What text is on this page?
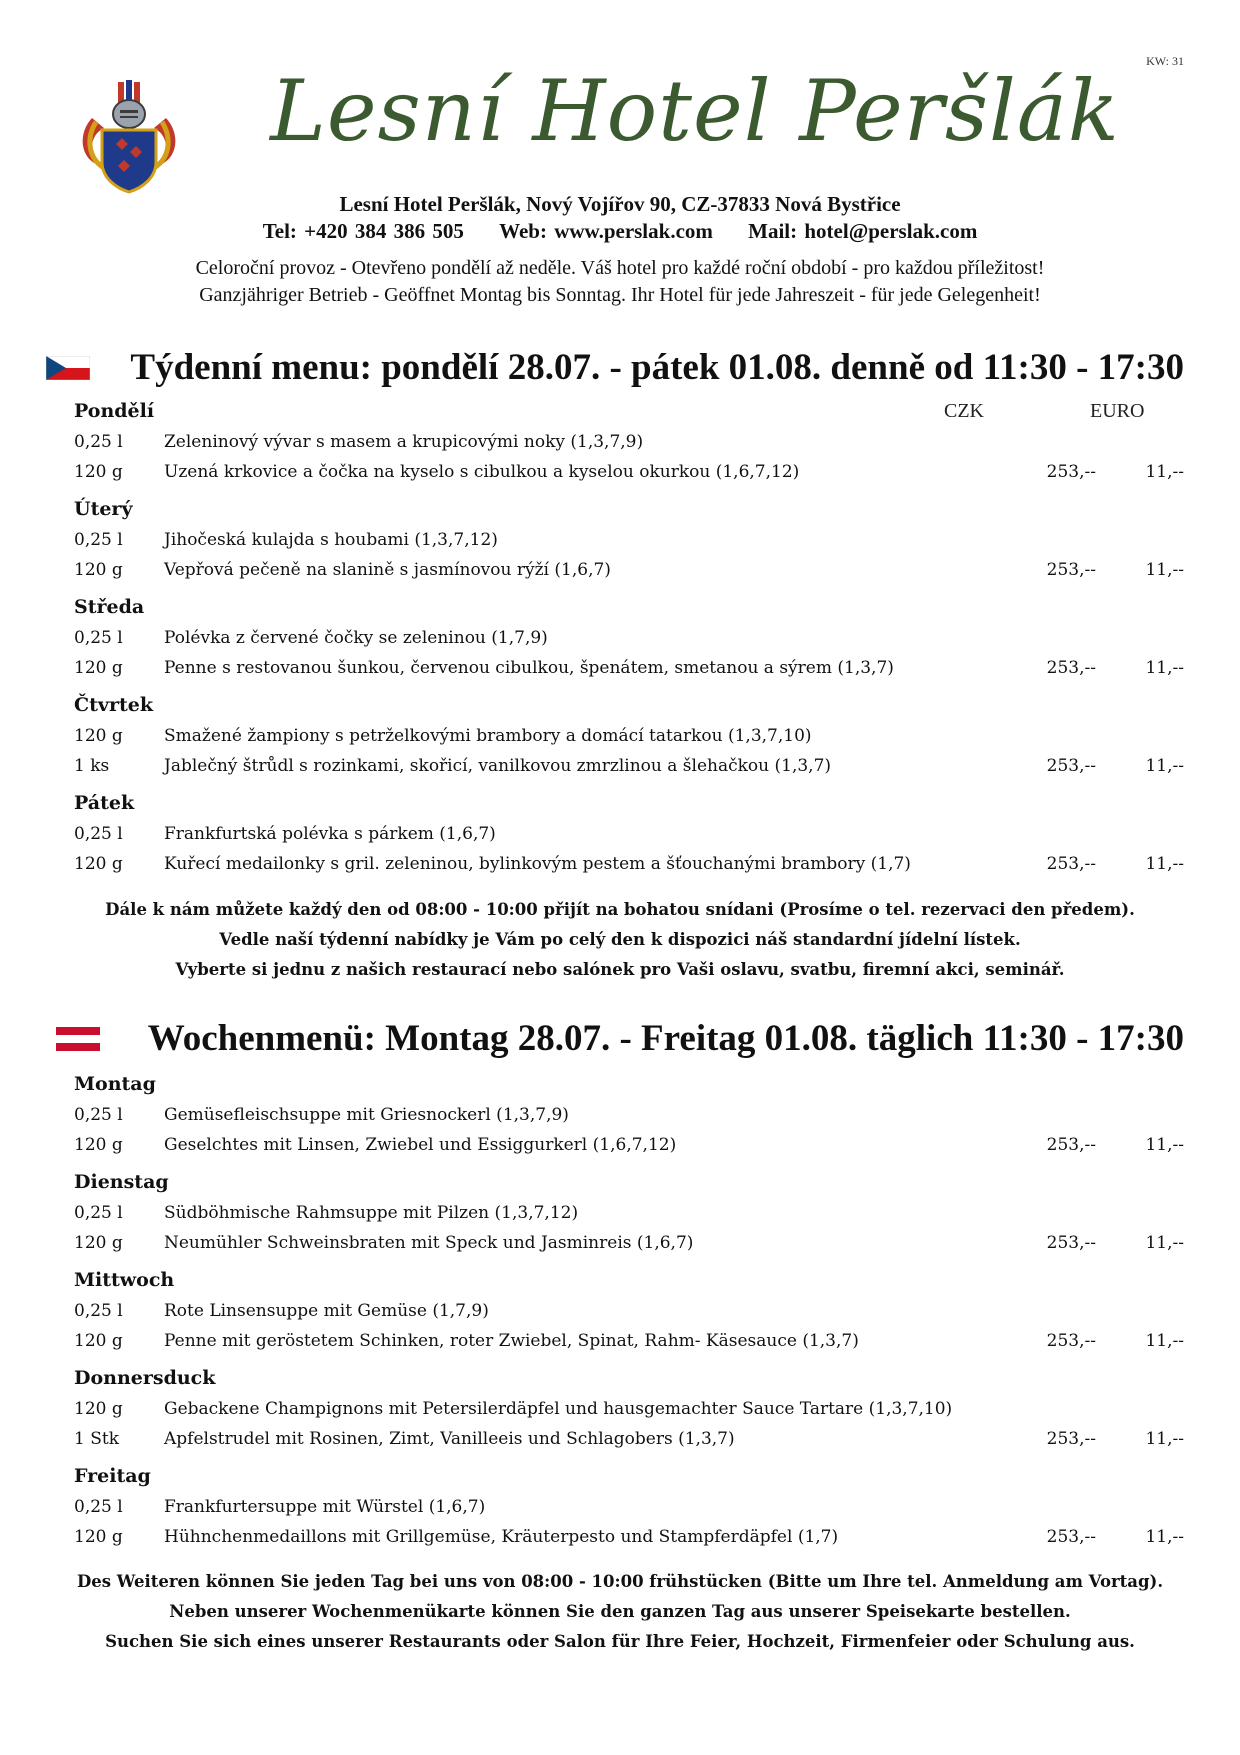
KW: 31
Lesní Hotel Peršlák
Lesní Hotel Peršlák, Nový Vojířov 90, CZ-37833 Nová Bystřice
Tel: +420 384 386 505 Web: www.perslak.com Mail: hotel@perslak.com
Celoroční provoz - Otevřeno pondělí až neděle. Váš hotel pro každé roční období - pro každou příležitost!
Ganzjähriger Betrieb - Geöffnet Montag bis Sonntag. Ihr Hotel für jede Jahreszeit - für jede Gelegenheit!
Týdenní menu: pondělí 28.07. - pátek 01.08. denně od 11:30 - 17:30
CZK	EURO
Pondělí
0,25 l Zeleninový vývar s masem a krupicovými noky (1,3,7,9)
120 g Uzená krkovice a čočka na kyselo s cibulkou a kyselou okurkou (1,6,7,12)	253,--	11,--
Úterý
0,25 l Jihočeská kulajda s houbami (1,3,7,12)
120 g Vepřová pečeně na slanině s jasmínovou rýží (1,6,7)	253,--	11,--
Středa
0,25 l Polévka z červené čočky se zeleninou (1,7,9)
120 g Penne s restovanou šunkou, červenou cibulkou, špenátem, smetanou a sýrem (1,3,7)	253,--	11,--
Čtvrtek
120 g Smažené žampiony s petrželkovými brambory a domácí tatarkou (1,3,7,10)
1 ks	Jablečný štrůdl s rozinkami, skořicí, vanilkovou zmrzlinou a šlehačkou (1,3,7)	253,--	11,--
Pátek
0,25 l Frankfurtská polévka s párkem (1,6,7)
120 g Kuřecí medailonky s gril. zeleninou, bylinkovým pestem a šťouchanými brambory (1,7)	253,--	11,--
Dále k nám můžete každý den od 08:00 - 10:00 přijít na bohatou snídani (Prosíme o tel. rezervaci den předem).
Vedle naší týdenní nabídky je Vám po celý den k dispozici náš standardní jídelní lístek.
Vyberte si jednu z našich restaurací nebo salónek pro Vaši oslavu, svatbu, firemní akci, seminář.
Wochenmenü: Montag 28.07. - Freitag 01.08. täglich 11:30 - 17:30
Montag
0,25 l Gemüsefleischsuppe mit Griesnockerl (1,3,7,9)
120 g Geselchtes mit Linsen, Zwiebel und Essiggurkerl (1,6,7,12)	253,--	11,--
Dienstag
0,25 l Südböhmische Rahmsuppe mit Pilzen (1,3,7,12)
120 g Neumühler Schweinsbraten mit Speck und Jasminreis (1,6,7)	253,--	11,--
Mittwoch
0,25 l Rote Linsensuppe mit Gemüse (1,7,9)
120 g Penne mit geröstetem Schinken, roter Zwiebel, Spinat, Rahm- Käsesauce (1,3,7)	253,--	11,--
Donnersduck
120 g Gebackene Champignons mit Petersilerdäpfel und hausgemachter Sauce Tartare (1,3,7,10)
1 Stk	Apfelstrudel mit Rosinen, Zimt, Vanilleeis und Schlagobers (1,3,7)	253,--	11,--
Freitag
0,25 l Frankfurtersuppe mit Würstel (1,6,7)
120 g Hühnchenmedaillons mit Grillgemüse, Kräuterpesto und Stampferdäpfel (1,7)	253,--	11,--
Des Weiteren können Sie jeden Tag bei uns von 08:00 - 10:00 frühstücken (Bitte um Ihre tel. Anmeldung am Vortag).
Neben unserer Wochenmenükarte können Sie den ganzen Tag aus unserer Speisekarte bestellen.
Suchen Sie sich eines unserer Restaurants oder Salon für Ihre Feier, Hochzeit, Firmenfeier oder Schulung aus.
